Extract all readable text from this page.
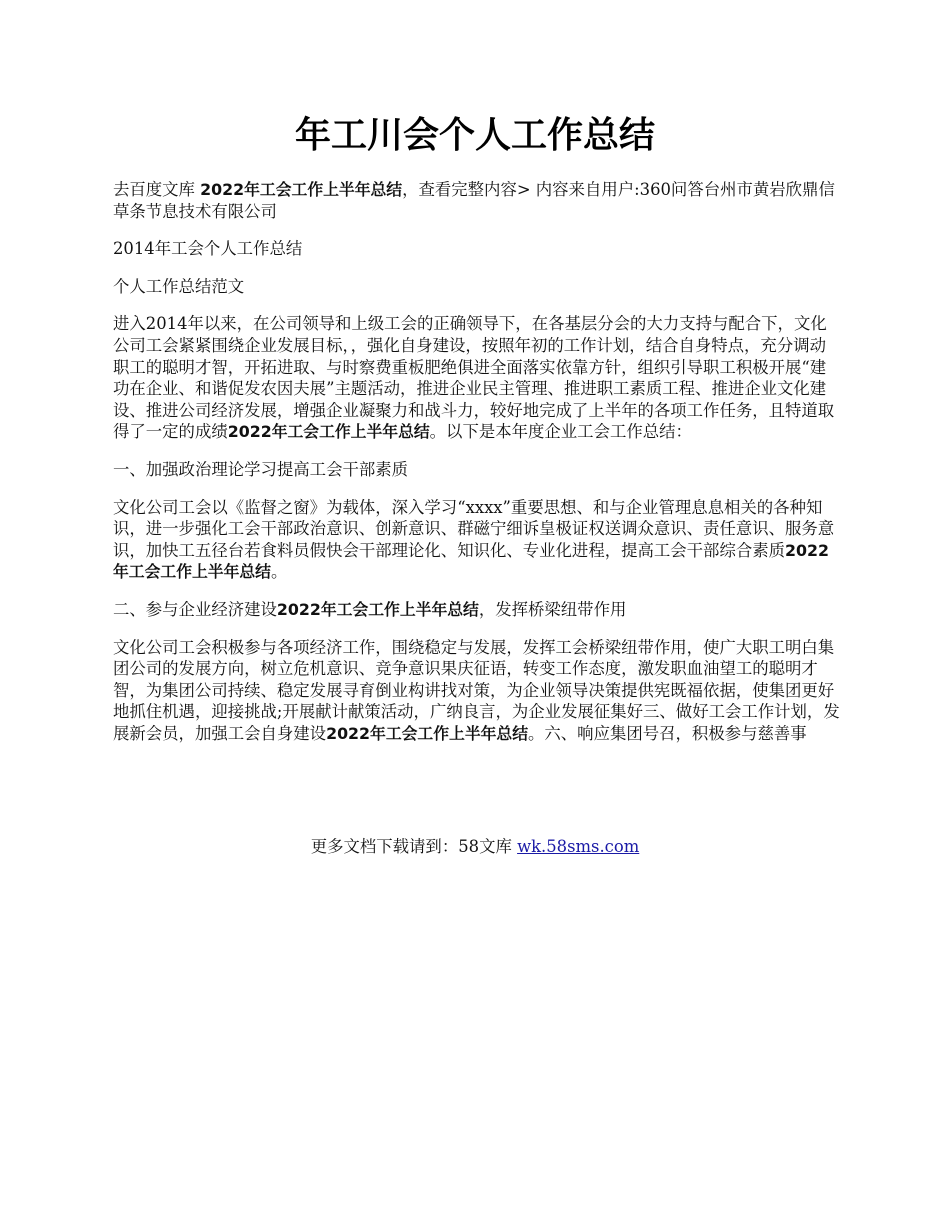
年工川会个人工作总结

去百度文库 2022年工会工作上半年总结，查看完整内容> 内容来自用户:360问答台州市黄岩欣鼎信草条节息技术有限公司

2014年工会个人工作总结

个人工作总结范文

进入2014年以来，在公司领导和上级工会的正确领导下，在各基层分会的大力支持与配合下，文化公司工会紧紧围绕企业发展目标，，强化自身建设，按照年初的工作计划，结合自身特点，充分调动职工的聪明才智，开拓进取、与时察费重板肥绝俱进全面落实依靠方针，组织引导职工积极开展“建功在企业、和谐促发农因夫展”主题活动，推进企业民主管理、推进职工素质工程、推进企业文化建设、推进公司经济发展，增强企业凝聚力和战斗力，较好地完成了上半年的各项工作任务，且特道取得了一定的成绩2022年工会工作上半年总结。以下是本年度企业工会工作总结：

一、加强政治理论学习提高工会干部素质

文化公司工会以《监督之窗》为载体，深入学习“xxxx”重要思想、和与企业管理息息相关的各种知识，进一步强化工会干部政治意识、创新意识、群磁宁细诉皇极证权送调众意识、责任意识、服务意识，加快工五径台若食料员假快会干部理论化、知识化、专业化进程，提高工会干部综合素质2022年工会工作上半年总结。

二、参与企业经济建设2022年工会工作上半年总结，发挥桥梁纽带作用

文化公司工会积极参与各项经济工作，围绕稳定与发展，发挥工会桥梁纽带作用，使广大职工明白集团公司的发展方向，树立危机意识、竞争意识果庆征语，转变工作态度，激发职血油望工的聪明才智，为集团公司持续、稳定发展寻育倒业构讲找对策，为企业领导决策提供宪既福依据，使集团更好地抓住机遇，迎接挑战;开展献计献策活动，广纳良言，为企业发展征集好三、做好工会工作计划，发展新会员，加强工会自身建设2022年工会工作上半年总结。六、响应集团号召，积极参与慈善事

更多文档下载请到：58文库 wk.58sms.com
